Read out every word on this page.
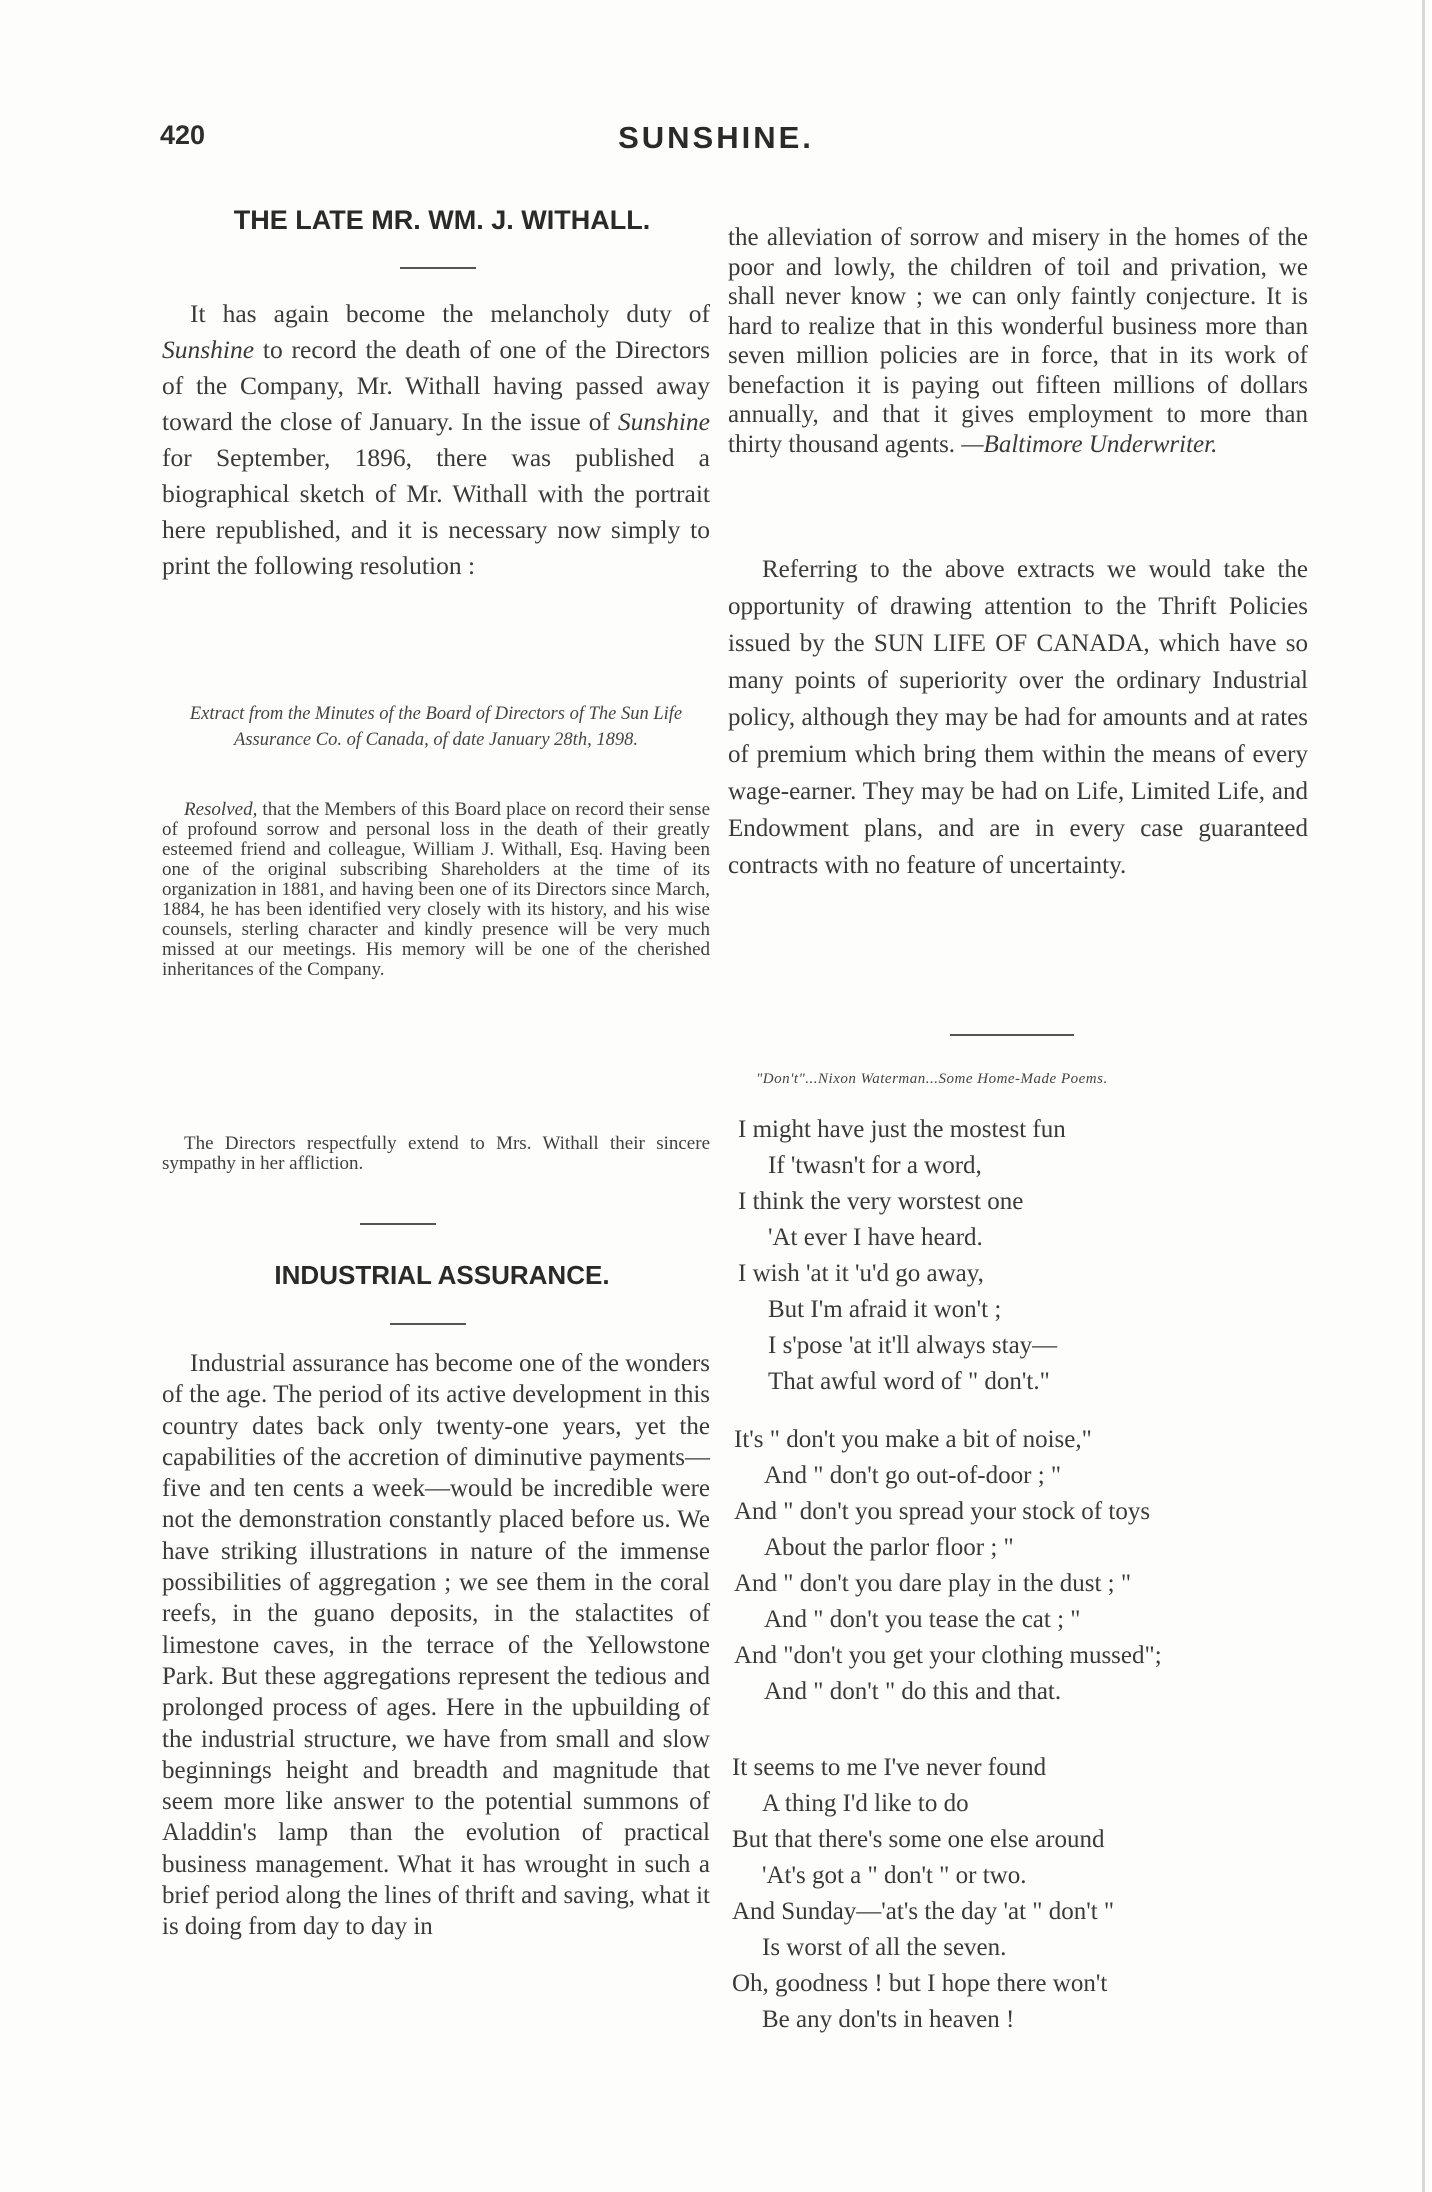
420	SUNSHINE.
THE LATE MR. WM. J. WITHALL.

It has again become the melancholy duty of Sunshine to record the death of one of the Directors of the Company, Mr. Withall having passed away toward the close of January. In the issue of Sunshine for September, 1896, there was published a biographical sketch of Mr. Withall with the portrait here republished, and it is necessary now simply to print the following resolution :

Extract from the Minutes of the Board of Directors of The Sun Life Assurance Co. of Canada, of date January 28th, 1898.

Resolved, that the Members of this Board place on record their sense of profound sorrow and personal loss in the death of their greatly esteemed friend and colleague, William J. Withall, Esq. Having been one of the original subscribing Shareholders at the time of its organization in 1881, and having been one of its Directors since March, 1884, he has been identified very closely with its history, and his wise counsels, sterling character and kindly presence will be very much missed at our meetings. His memory will be one of the cherished inheritances of the Company.

The Directors respectfully extend to Mrs. Withall their sincere sympathy in her affliction.

INDUSTRIAL ASSURANCE.

Industrial assurance has become one of the wonders of the age. The period of its active development in this country dates back only twenty-one years, yet the capabilities of the accretion of diminutive payments—five and ten cents a week—would be incredible were not the demonstration constantly placed before us. We have striking illustrations in nature of the immense possibilities of aggregation ; we see them in the coral reefs, in the guano deposits, in the stalactites of limestone caves, in the terrace of the Yellowstone Park. But these aggregations represent the tedious and prolonged process of ages. Here in the upbuilding of the industrial structure, we have from small and slow beginnings height and breadth and magnitude that seem more like answer to the potential summons of Aladdin's lamp than the evolution of practical business management. What it has wrought in such a brief period along the lines of thrift and saving, what it is doing from day to day in

the alleviation of sorrow and misery in the homes of the poor and lowly, the children of toil and privation, we shall never know ; we can only faintly conjecture. It is hard to realize that in this wonderful business more than seven million policies are in force, that in its work of benefaction it is paying out fifteen millions of dollars annually, and that it gives employment to more than thirty thousand agents. —Baltimore Underwriter.

Referring to the above extracts we would take the opportunity of drawing attention to the Thrift Policies issued by the SUN LIFE OF CANADA, which have so many points of superiority over the ordinary Industrial policy, although they may be had for amounts and at rates of premium which bring them within the means of every wage-earner. They may be had on Life, Limited Life, and Endowment plans, and are in every case guaranteed contracts with no feature of uncertainty.

"Don't"...Nixon Waterman...Some Home-Made Poems.

I might have just the mostest fun

If 'twasn't for a word,

I think the very worstest one

'At ever I have heard.

I wish 'at it 'u'd go away,

But I'm afraid it won't ;

I s'pose 'at it'll always stay—

That awful word of " don't."

It's " don't you make a bit of noise,"

And " don't go out-of-door ; "

And " don't you spread your stock of toys

About the parlor floor ; "

And " don't you dare play in the dust ; "

And " don't you tease the cat ; "

And "don't you get your clothing mussed";

And " don't " do this and that.

It seems to me I've never found

A thing I'd like to do

But that there's some one else around

'At's got a " don't " or two.

And Sunday—'at's the day 'at " don't "

Is worst of all the seven.

Oh, goodness ! but I hope there won't

Be any don'ts in heaven !
